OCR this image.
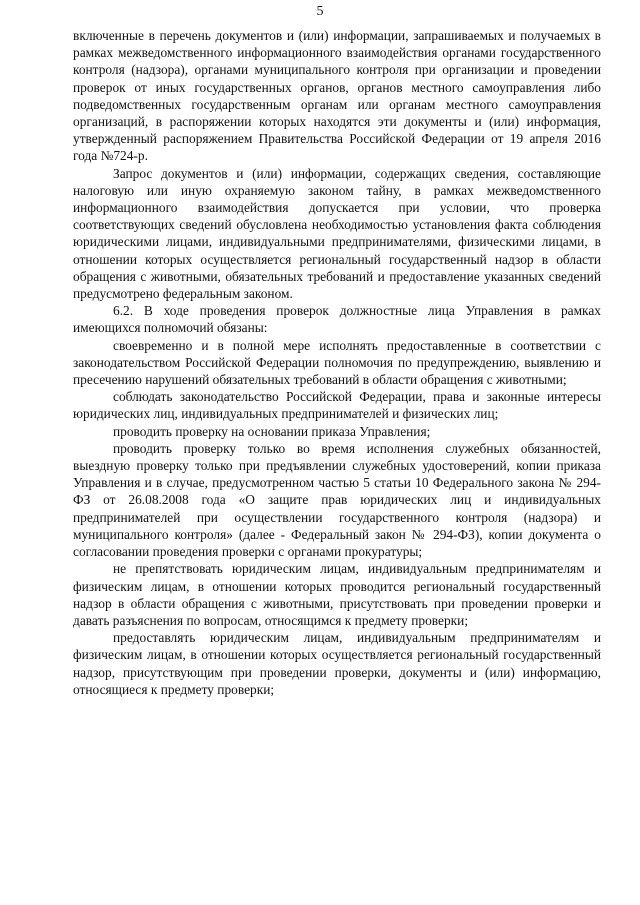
5

включенные в перечень документов и (или) информации, запрашиваемых и получаемых в рамках межведомственного информационного взаимодействия органами государственного контроля (надзора), органами муниципального контроля при организации и проведении проверок от иных государственных органов, органов местного самоуправления либо подведомственных государственным органам или органам местного самоуправления организаций, в распоряжении которых находятся эти документы и (или) информация, утвержденный распоряжением Правительства Российской Федерации от 19 апреля 2016 года №724-р.

Запрос документов и (или) информации, содержащих сведения, составляющие налоговую или иную охраняемую законом тайну, в рамках межведомственного информационного взаимодействия допускается при условии, что проверка соответствующих сведений обусловлена необходимостью установления факта соблюдения юридическими лицами, индивидуальными предпринимателями, физическими лицами, в отношении которых осуществляется региональный государственный надзор в области обращения с животными, обязательных требований и предоставление указанных сведений предусмотрено федеральным законом.

6.2. В ходе проведения проверок должностные лица Управления в рамках имеющихся полномочий обязаны:

своевременно и в полной мере исполнять предоставленные в соответствии с законодательством Российской Федерации полномочия по предупреждению, выявлению и пресечению нарушений обязательных требований в области обращения с животными;

соблюдать законодательство Российской Федерации, права и законные интересы юридических лиц, индивидуальных предпринимателей и физических лиц;

проводить проверку на основании приказа Управления;

проводить проверку только во время исполнения служебных обязанностей, выездную проверку только при предъявлении служебных удостоверений, копии приказа Управления и в случае, предусмотренном частью 5 статьи 10 Федерального закона № 294-ФЗ от 26.08.2008 года «О защите прав юридических лиц и индивидуальных предпринимателей при осуществлении государственного контроля (надзора) и муниципального контроля» (далее - Федеральный закон № 294-ФЗ), копии документа о согласовании проведения проверки с органами прокуратуры;

не препятствовать юридическим лицам, индивидуальным предпринимателям и физическим лицам, в отношении которых проводится региональный государственный надзор в области обращения с животными, присутствовать при проведении проверки и давать разъяснения по вопросам, относящимся к предмету проверки;

предоставлять юридическим лицам, индивидуальным предпринимателям и физическим лицам, в отношении которых осуществляется региональный государственный надзор, присутствующим при проведении проверки, документы и (или) информацию, относящиеся к предмету проверки;
